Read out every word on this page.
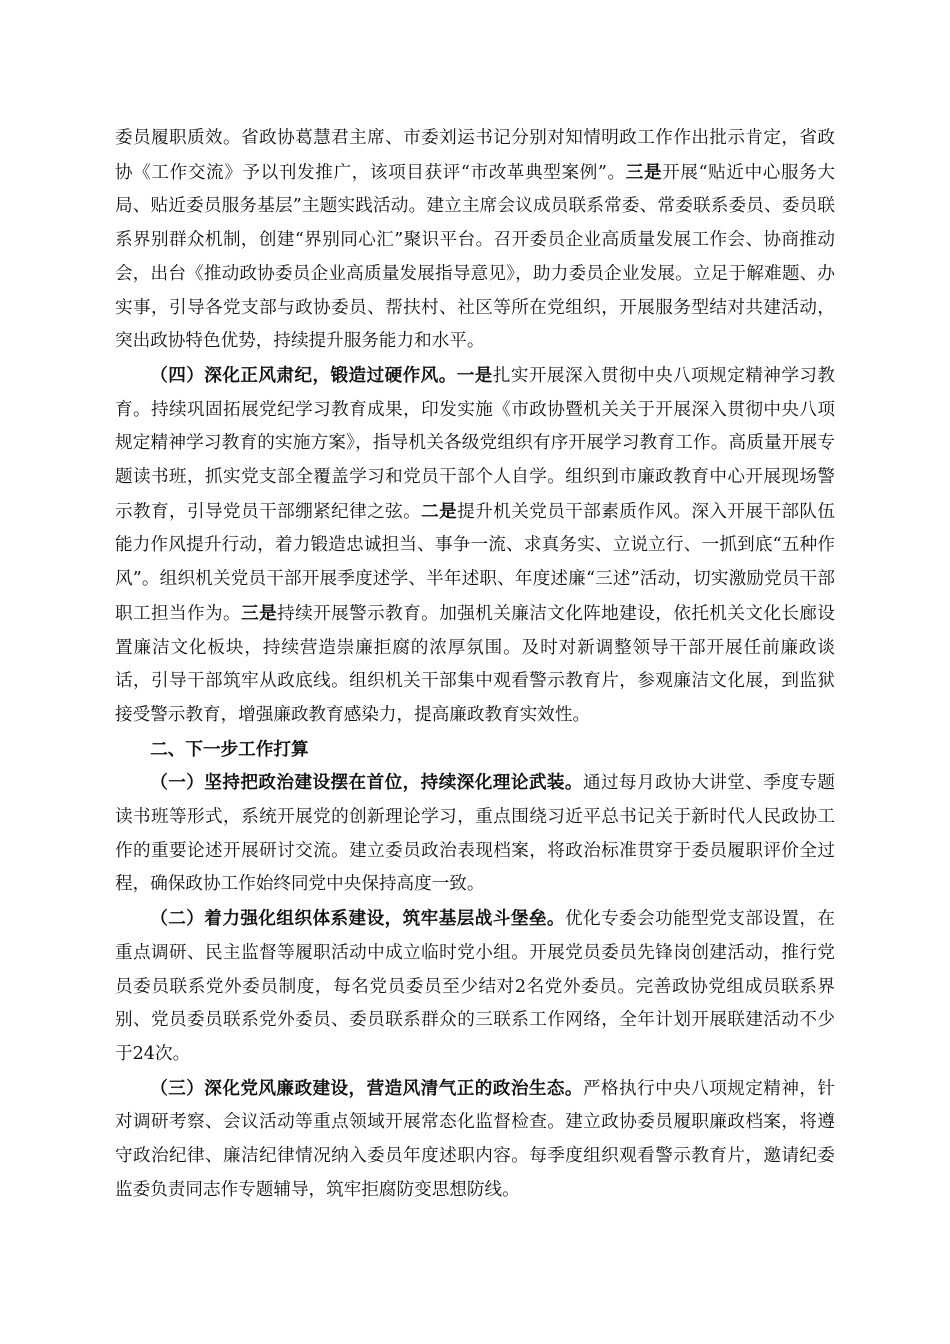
委员履职质效。省政协葛慧君主席、市委刘运书记分别对知情明政工作作出批示肯定，省政协《工作交流》予以刊发推广，该项目获评“市改革典型案例”。三是开展“贴近中心服务大局、贴近委员服务基层”主题实践活动。建立主席会议成员联系常委、常委联系委员、委员联系界别群众机制，创建“界别同心汇”聚识平台。召开委员企业高质量发展工作会、协商推动会，出台《推动政协委员企业高质量发展指导意见》，助力委员企业发展。立足于解难题、办实事，引导各党支部与政协委员、帮扶村、社区等所在党组织，开展服务型结对共建活动，突出政协特色优势，持续提升服务能力和水平。

（四）深化正风肃纪，锻造过硬作风。一是扎实开展深入贯彻中央八项规定精神学习教育。持续巩固拓展党纪学习教育成果，印发实施《市政协暨机关关于开展深入贯彻中央八项规定精神学习教育的实施方案》，指导机关各级党组织有序开展学习教育工作。高质量开展专题读书班，抓实党支部全覆盖学习和党员干部个人自学。组织到市廉政教育中心开展现场警示教育，引导党员干部绷紧纪律之弦。二是提升机关党员干部素质作风。深入开展干部队伍能力作风提升行动，着力锻造忠诚担当、事争一流、求真务实、立说立行、一抓到底“五种作风”。组织机关党员干部开展季度述学、半年述职、年度述廉“三述”活动，切实激励党员干部职工担当作为。三是持续开展警示教育。加强机关廉洁文化阵地建设，依托机关文化长廊设置廉洁文化板块，持续营造崇廉拒腐的浓厚氛围。及时对新调整领导干部开展任前廉政谈话，引导干部筑牢从政底线。组织机关干部集中观看警示教育片，参观廉洁文化展，到监狱接受警示教育，增强廉政教育感染力，提高廉政教育实效性。

二、下一步工作打算

（一）坚持把政治建设摆在首位，持续深化理论武装。通过每月政协大讲堂、季度专题读书班等形式，系统开展党的创新理论学习，重点围绕习近平总书记关于新时代人民政协工作的重要论述开展研讨交流。建立委员政治表现档案，将政治标准贯穿于委员履职评价全过程，确保政协工作始终同党中央保持高度一致。

（二）着力强化组织体系建设，筑牢基层战斗堡垒。优化专委会功能型党支部设置，在重点调研、民主监督等履职活动中成立临时党小组。开展党员委员先锋岗创建活动，推行党员委员联系党外委员制度，每名党员委员至少结对2名党外委员。完善政协党组成员联系界别、党员委员联系党外委员、委员联系群众的三联系工作网络，全年计划开展联建活动不少于24次。

（三）深化党风廉政建设，营造风清气正的政治生态。严格执行中央八项规定精神，针对调研考察、会议活动等重点领域开展常态化监督检查。建立政协委员履职廉政档案，将遵守政治纪律、廉洁纪律情况纳入委员年度述职内容。每季度组织观看警示教育片，邀请纪委监委负责同志作专题辅导，筑牢拒腐防变思想防线。
